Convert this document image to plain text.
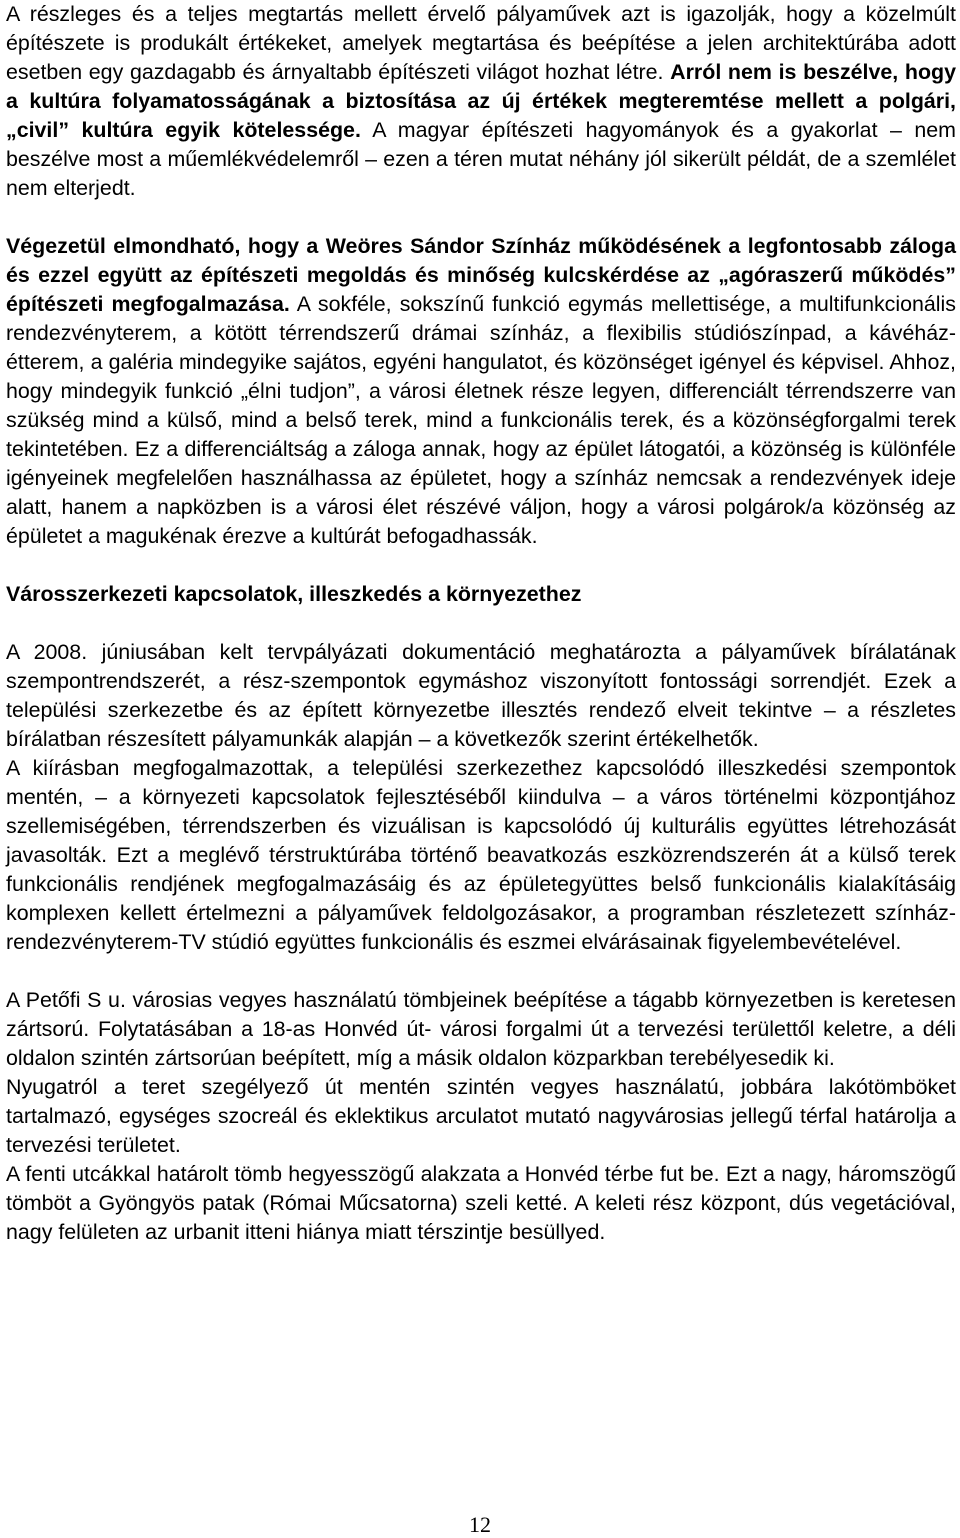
A részleges és a teljes megtartás mellett érvelő pályaművek azt is igazolják, hogy a közelmúlt építészete is produkált értékeket, amelyek megtartása és beépítése a jelen architektúrába adott esetben egy gazdagabb és árnyaltabb építészeti világot hozhat létre. Arról nem is beszélve, hogy a kultúra folyamatosságának a biztosítása az új értékek megteremtése mellett a polgári, „civil” kultúra egyik kötelessége. A magyar építészeti hagyományok és a gyakorlat – nem beszélve most a műemlékvédelemről – ezen a téren mutat néhány jól sikerült példát, de a szemlélet nem elterjedt.

Végezetül elmondható, hogy a Weöres Sándor Színház működésének a legfontosabb záloga és ezzel együtt az építészeti megoldás és minőség kulcskérdése az „agóraszerű működés” építészeti megfogalmazása. A sokféle, sokszínű funkció egymás mellettisége, a multifunkcionális rendezvényterem, a kötött térrendszerű drámai színház, a flexibilis stúdiószínpad, a kávéház-étterem, a galéria mindegyike sajátos, egyéni hangulatot, és közönséget igényel és képvisel. Ahhoz, hogy mindegyik funkció „élni tudjon”, a városi életnek része legyen, differenciált térrendszerre van szükség mind a külső, mind a belső terek, mind a funkcionális terek, és a közönségforgalmi terek tekintetében. Ez a differenciáltság a záloga annak, hogy az épület látogatói, a közönség is különféle igényeinek megfelelően használhassa az épületet, hogy a színház nemcsak a rendezvények ideje alatt, hanem a napközben is a városi élet részévé váljon, hogy a városi polgárok/a közönség az épületet a magukénak érezve a kultúrát befogadhassák.

Városszerkezeti kapcsolatok, illeszkedés a környezethez

A 2008. júniusában kelt tervpályázati dokumentáció meghatározta a pályaművek bírálatának szempontrendszerét, a rész-szempontok egymáshoz viszonyított fontossági sorrendjét. Ezek a települési szerkezetbe és az épített környezetbe illesztés rendező elveit tekintve – a részletes bírálatban részesített pályamunkák alapján – a következők szerint értékelhetők.

A kiírásban megfogalmazottak, a települési szerkezethez kapcsolódó illeszkedési szempontok mentén, – a környezeti kapcsolatok fejlesztéséből kiindulva – a város történelmi központjához szellemiségében, térrendszerben és vizuálisan is kapcsolódó új kulturális együttes létrehozását javasolták. Ezt a meglévő térstruktúrába történő beavatkozás eszközrendszerén át a külső terek funkcionális rendjének megfogalmazásáig és az épületegyüttes belső funkcionális kialakításáig komplexen kellett értelmezni a pályaművek feldolgozásakor, a programban részletezett színház-rendezvényterem-TV stúdió együttes funkcionális és eszmei elvárásainak figyelembevételével.

A Petőfi S u. városias vegyes használatú tömbjeinek beépítése a tágabb környezetben is keretesen zártsorú. Folytatásában a 18-as Honvéd út- városi forgalmi út a tervezési területtől keletre, a déli oldalon szintén zártsorúan beépített, míg a másik oldalon közparkban terebélyesedik ki.

Nyugatról a teret szegélyező út mentén szintén vegyes használatú, jobbára lakótömböket tartalmazó, egységes szocreál és eklektikus arculatot mutató nagyvárosias jellegű térfal határolja a tervezési területet.

A fenti utcákkal határolt tömb hegyesszögű alakzata a Honvéd térbe fut be. Ezt a nagy, háromszögű tömböt a Gyöngyös patak (Római Műcsatorna) szeli ketté. A keleti rész központ, dús vegetációval, nagy felületen az urbanit itteni hiánya miatt térszintje besüllyed.

12
